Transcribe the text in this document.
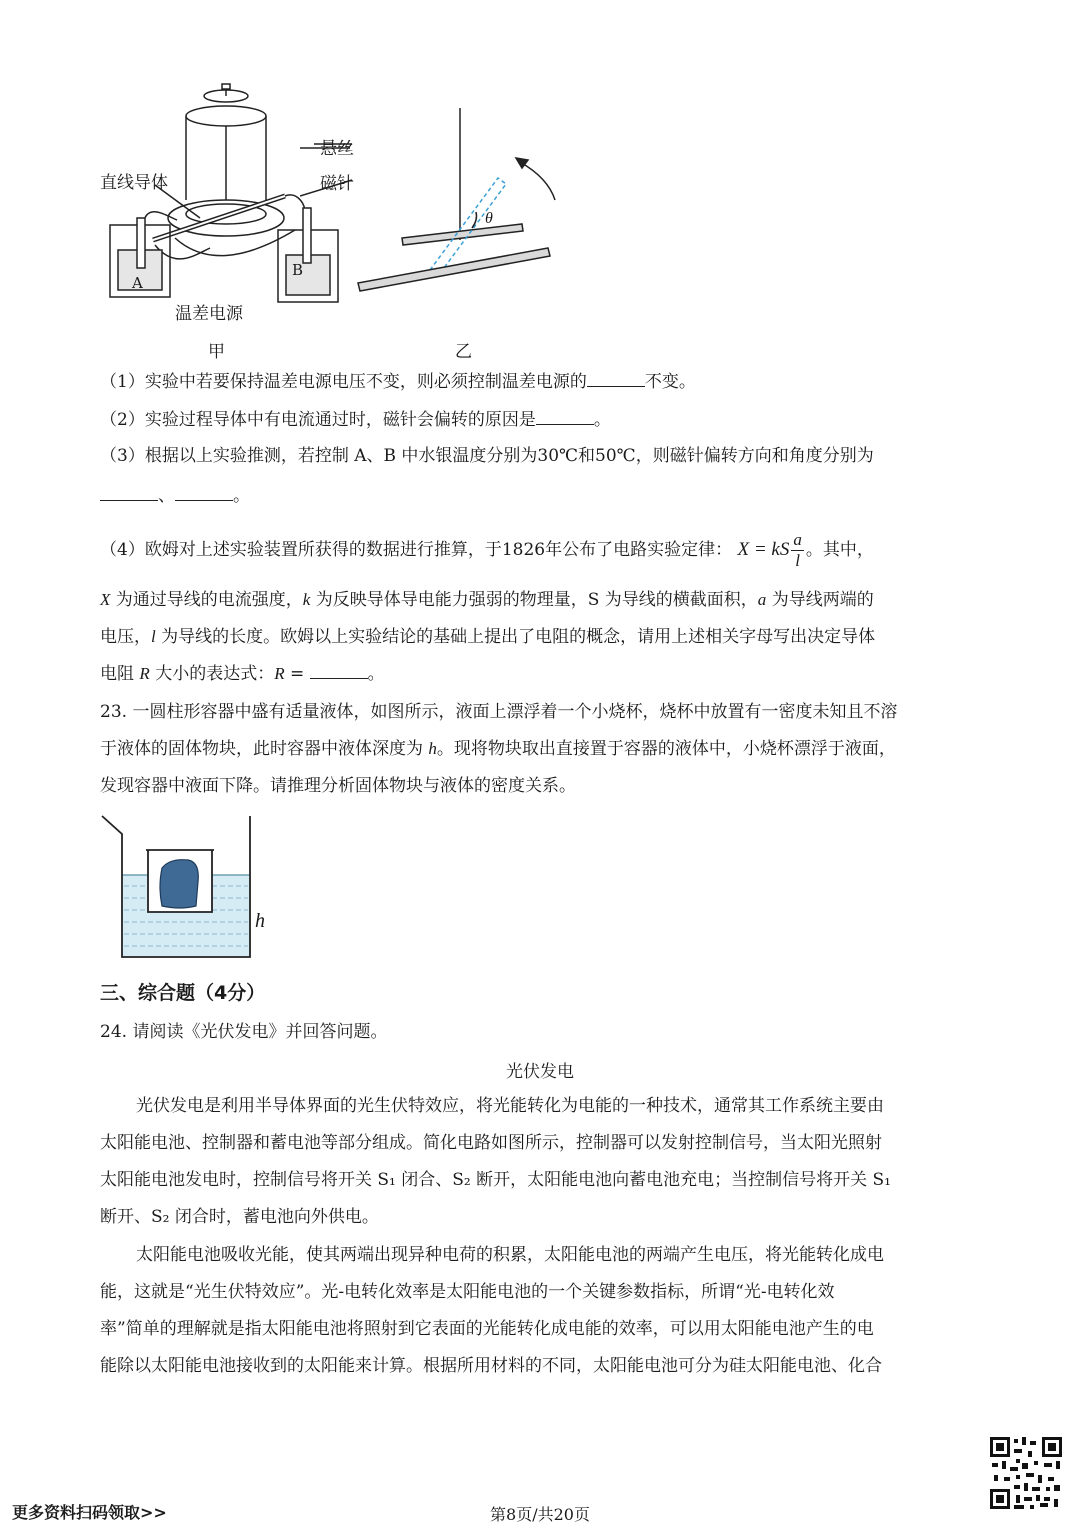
直线导体
A
B
温差电源
甲
悬丝
磁针
θ
乙
（1）实验中若要保持温差电源电压不变，则必须控制温差电源的	不变。
（2）实验过程导体中有电流通过时，磁针会偏转的原因是	。
（3）根据以上实验推测，若控制 A、B 中水银温度分别为30℃和50℃，则磁针偏转方向和角度分别为
、	。
（4）欧姆对上述实验装置所获得的数据进行推算，于1826年公布了电路实验定律： X = kS $\frac{a}{l}$ 。其中，
X 为通过导线的电流强度，k 为反映导体导电能力强弱的物理量，S 为导线的横截面积，a 为导线两端的
电压，l 为导线的长度。欧姆以上实验结论的基础上提出了电阻的概念，请用上述相关字母写出决定导体
电阻 R 大小的表达式：R =	。
23. 一圆柱形容器中盛有适量液体，如图所示，液面上漂浮着一个小烧杯，烧杯中放置有一密度未知且不溶
于液体的固体物块，此时容器中液体深度为 h。现将物块取出直接置于容器的液体中，小烧杯漂浮于液面，
发现容器中液面下降。请推理分析固体物块与液体的密度关系。
h
三、综合题（4分）
24. 请阅读《光伏发电》并回答问题。
光伏发电
光伏发电是利用半导体界面的光生伏特效应，将光能转化为电能的一种技术，通常其工作系统主要由
太阳能电池、控制器和蓄电池等部分组成。简化电路如图所示，控制器可以发射控制信号，当太阳光照射
太阳能电池发电时，控制信号将开关 S₁ 闭合、S₂ 断开，太阳能电池向蓄电池充电；当控制信号将开关 S₁
断开、S₂ 闭合时，蓄电池向外供电。
太阳能电池吸收光能，使其两端出现异种电荷的积累，太阳能电池的两端产生电压，将光能转化成电
能，这就是“光生伏特效应”。光-电转化效率是太阳能电池的一个关键参数指标，所谓“光-电转化效
率”简单的理解就是指太阳能电池将照射到它表面的光能转化成电能的效率，可以用太阳能电池产生的电
能除以太阳能电池接收到的太阳能来计算。根据所用材料的不同，太阳能电池可分为硅太阳能电池、化合
更多资料扫码领取>>	第8页/共20页
